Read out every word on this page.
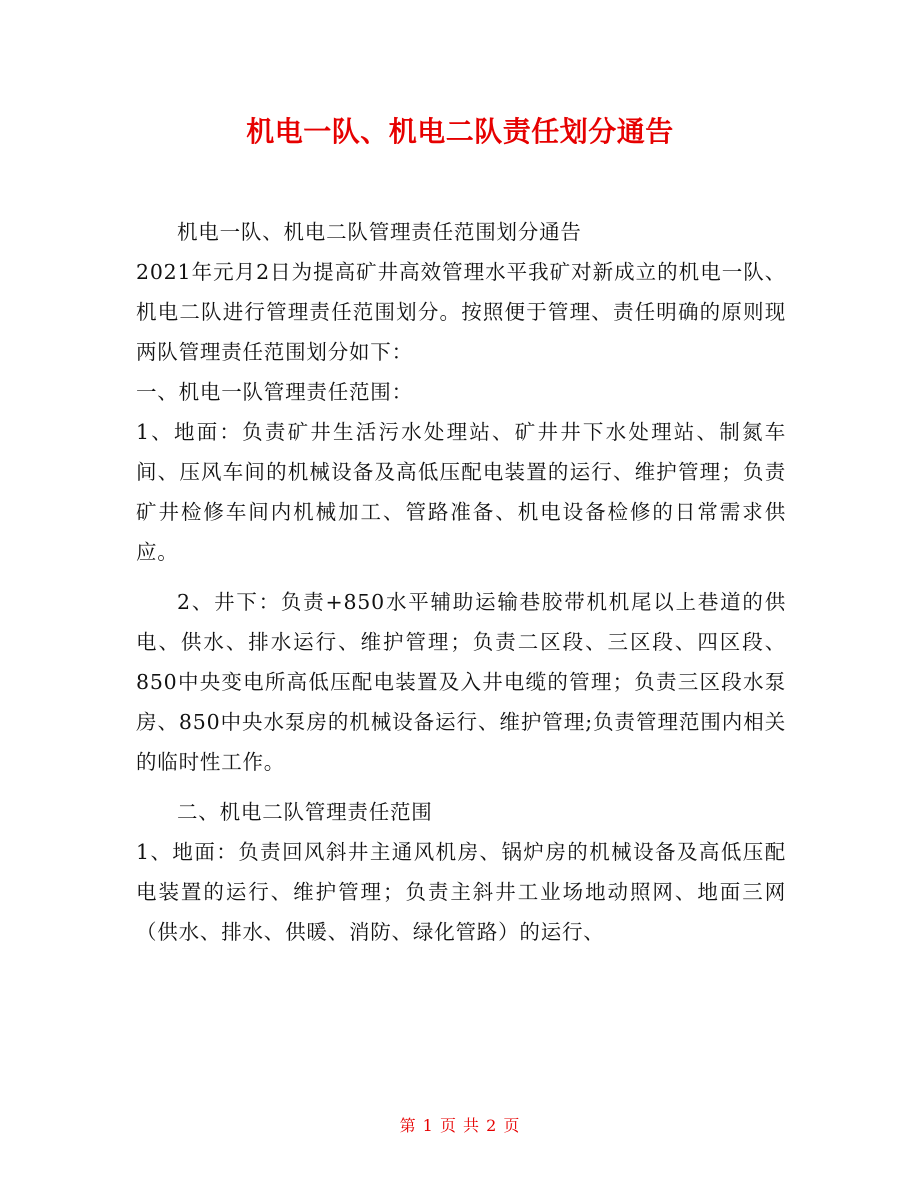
机电一队、机电二队责任划分通告

机电一队、机电二队管理责任范围划分通告

2021年元月2日为提高矿井高效管理水平我矿对新成立的机电一队、机电二队进行管理责任范围划分。按照便于管理、责任明确的原则现两队管理责任范围划分如下：

一、机电一队管理责任范围：

1、地面：负责矿井生活污水处理站、矿井井下水处理站、制氮车间、压风车间的机械设备及高低压配电装置的运行、维护管理；负责矿井检修车间内机械加工、管路准备、机电设备检修的日常需求供应。

2、井下：负责+850水平辅助运输巷胶带机机尾以上巷道的供电、供水、排水运行、维护管理；负责二区段、三区段、四区段、850中央变电所高低压配电装置及入井电缆的管理；负责三区段水泵房、850中央水泵房的机械设备运行、维护管理;负责管理范围内相关的临时性工作。

二、机电二队管理责任范围

1、地面：负责回风斜井主通风机房、锅炉房的机械设备及高低压配电装置的运行、维护管理；负责主斜井工业场地动照网、地面三网（供水、排水、供暖、消防、绿化管路）的运行、

第 1 页 共 2 页
